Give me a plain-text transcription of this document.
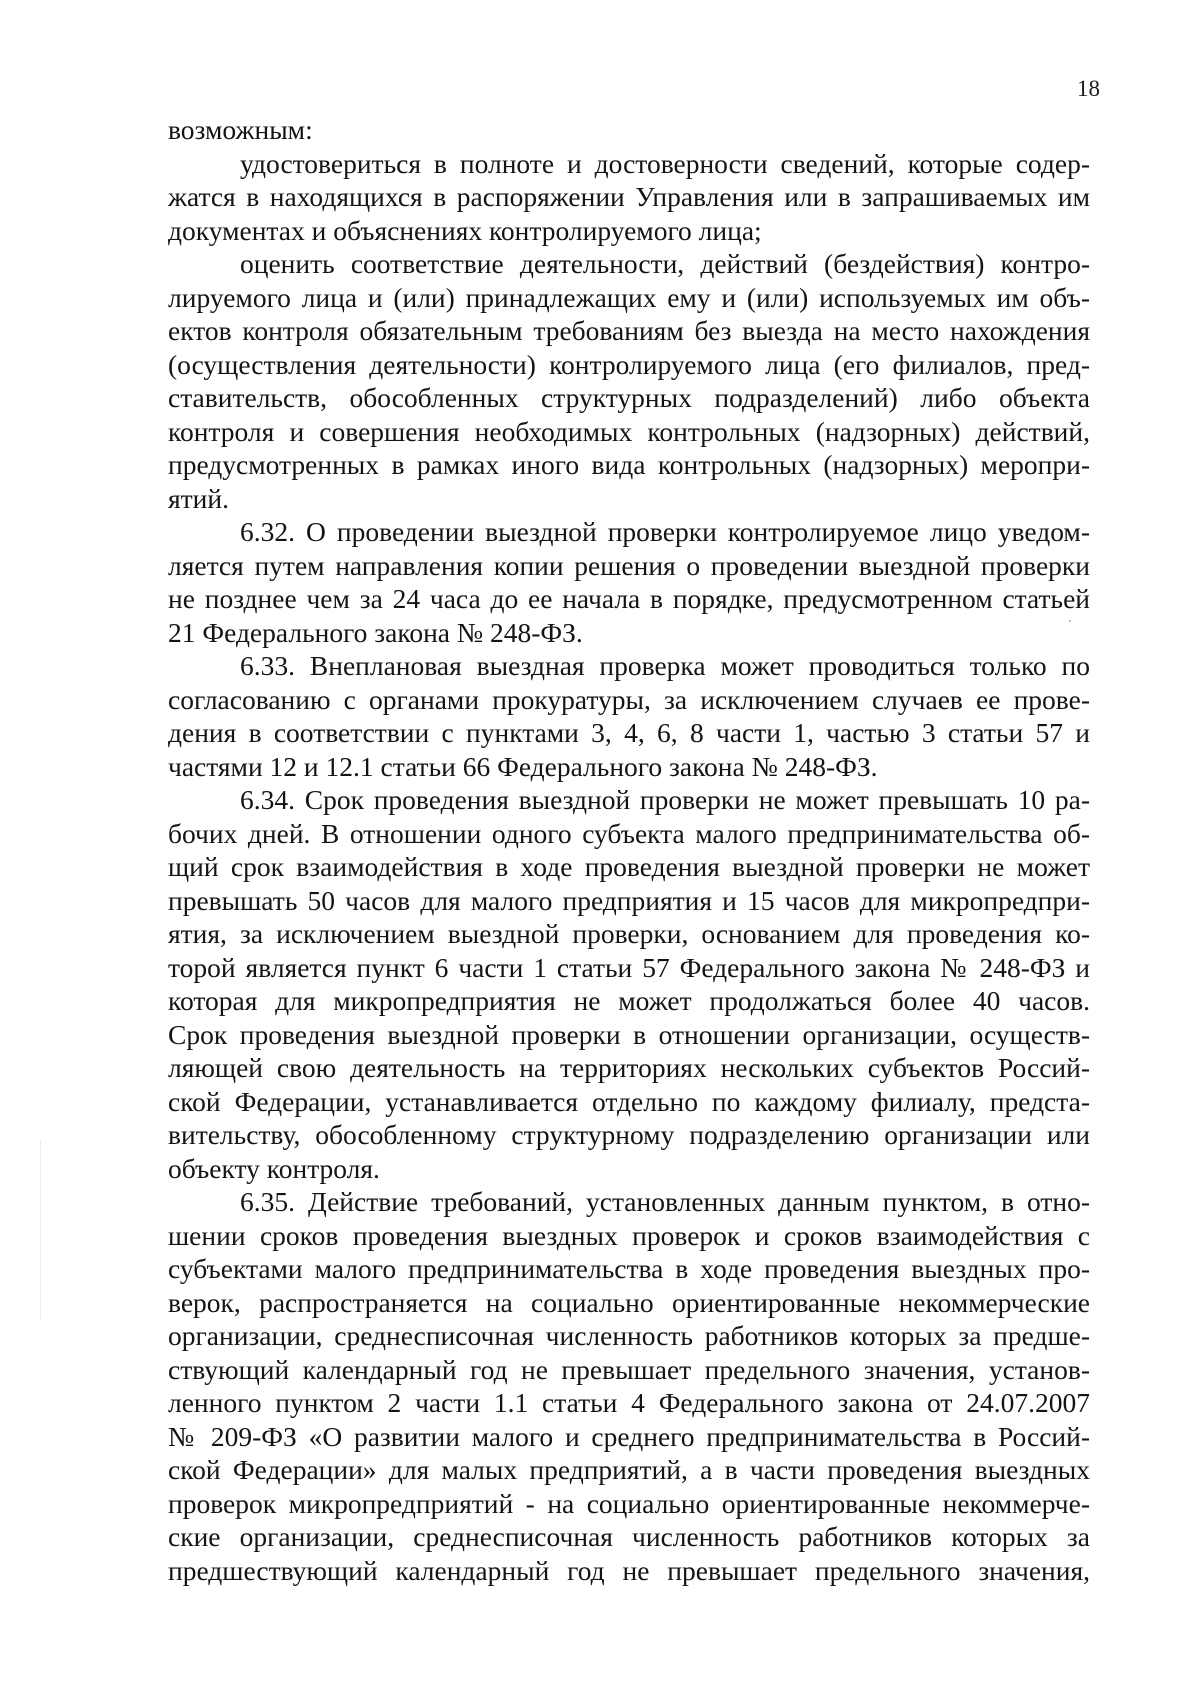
18
возможным:
удостовериться в полноте и достоверности сведений, которые содер-
жатся в находящихся в распоряжении Управления или в запрашиваемых им
документах и объяснениях контролируемого лица;
оценить соответствие деятельности, действий (бездействия) контро-
лируемого лица и (или) принадлежащих ему и (или) используемых им объ-
ектов контроля обязательным требованиям без выезда на место нахождения
(осуществления деятельности) контролируемого лица (его филиалов, пред-
ставительств, обособленных структурных подразделений) либо объекта
контроля и совершения необходимых контрольных (надзорных) действий,
предусмотренных в рамках иного вида контрольных (надзорных) меропри-
ятий.
6.32. О проведении выездной проверки контролируемое лицо уведом-
ляется путем направления копии решения о проведении выездной проверки
не позднее чем за 24 часа до ее начала в порядке, предусмотренном статьей
21 Федерального закона № 248-ФЗ.
6.33. Внеплановая выездная проверка может проводиться только по
согласованию с органами прокуратуры, за исключением случаев ее прове-
дения в соответствии с пунктами 3, 4, 6, 8 части 1, частью 3 статьи 57 и
частями 12 и 12.1 статьи 66 Федерального закона № 248-ФЗ.
6.34. Срок проведения выездной проверки не может превышать 10 ра-
бочих дней. В отношении одного субъекта малого предпринимательства об-
щий срок взаимодействия в ходе проведения выездной проверки не может
превышать 50 часов для малого предприятия и 15 часов для микропредпри-
ятия, за исключением выездной проверки, основанием для проведения ко-
торой является пункт 6 части 1 статьи 57 Федерального закона № 248-ФЗ и
которая для микропредприятия не может продолжаться более 40 часов.
Срок проведения выездной проверки в отношении организации, осуществ-
ляющей свою деятельность на территориях нескольких субъектов Россий-
ской Федерации, устанавливается отдельно по каждому филиалу, предста-
вительству, обособленному структурному подразделению организации или
объекту контроля.
6.35. Действие требований, установленных данным пунктом, в отно-
шении сроков проведения выездных проверок и сроков взаимодействия с
субъектами малого предпринимательства в ходе проведения выездных про-
верок, распространяется на социально ориентированные некоммерческие
организации, среднесписочная численность работников которых за предше-
ствующий календарный год не превышает предельного значения, установ-
ленного пунктом 2 части 1.1 статьи 4 Федерального закона от 24.07.2007
№ 209-ФЗ «О развитии малого и среднего предпринимательства в Россий-
ской Федерации» для малых предприятий, а в части проведения выездных
проверок микропредприятий - на социально ориентированные некоммерче-
ские организации, среднесписочная численность работников которых за
предшествующий календарный год не превышает предельного значения,
